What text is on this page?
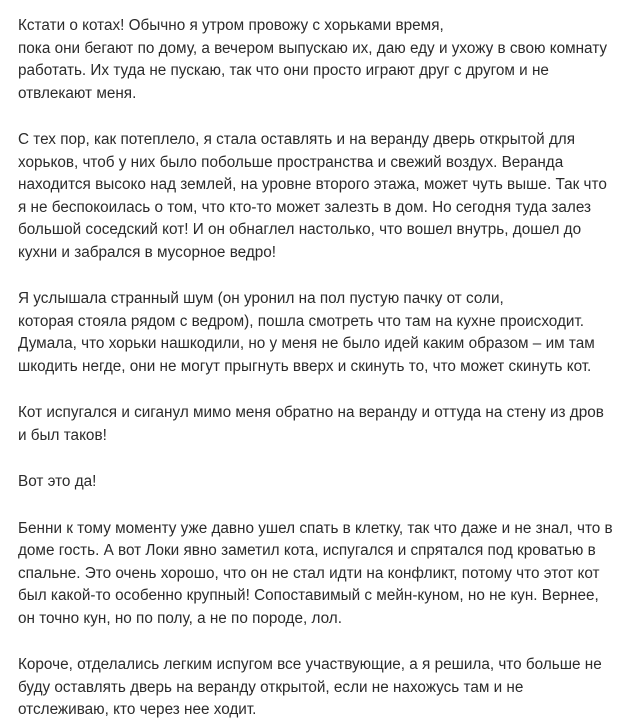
Кстати о котах! Обычно я утром провожу с хорьками время,
пока они бегают по дому, а вечером выпускаю их, даю еду и ухожу в свою комнату
работать. Их туда не пускаю, так что они просто играют друг с другом и не
отвлекают меня.

С тех пор, как потеплело, я стала оставлять и на веранду дверь открытой для
хорьков, чтоб у них было побольше пространства и свежий воздух. Веранда
находится высоко над землей, на уровне второго этажа, может чуть выше. Так что
я не беспокоилась о том, что кто-то может залезть в дом. Но сегодня туда залез
большой соседский кот! И он обнаглел настолько, что вошел внутрь, дошел до
кухни и забрался в мусорное ведро!

Я услышала странный шум (он уронил на пол пустую пачку от соли,
которая стояла рядом с ведром), пошла смотреть что там на кухне происходит.
Думала, что хорьки нашкодили, но у меня не было идей каким образом – им там
шкодить негде, они не могут прыгнуть вверх и скинуть то, что может скинуть кот.

Кот испугался и сиганул мимо меня обратно на веранду и оттуда на стену из дров
и был таков!

Вот это да!

Бенни к тому моменту уже давно ушел спать в клетку, так что даже и не знал, что в
доме гость. А вот Локи явно заметил кота, испугался и спрятался под кроватью в
спальне. Это очень хорошо, что он не стал идти на конфликт, потому что этот кот
был какой-то особенно крупный! Сопоставимый с мейн-куном, но не кун. Вернее,
он точно кун, но по полу, а не по породе, лол.

Короче, отделались легким испугом все участвующие, а я решила, что больше не
буду оставлять дверь на веранду открытой, если не нахожусь там и не
отслеживаю, кто через нее ходит.
